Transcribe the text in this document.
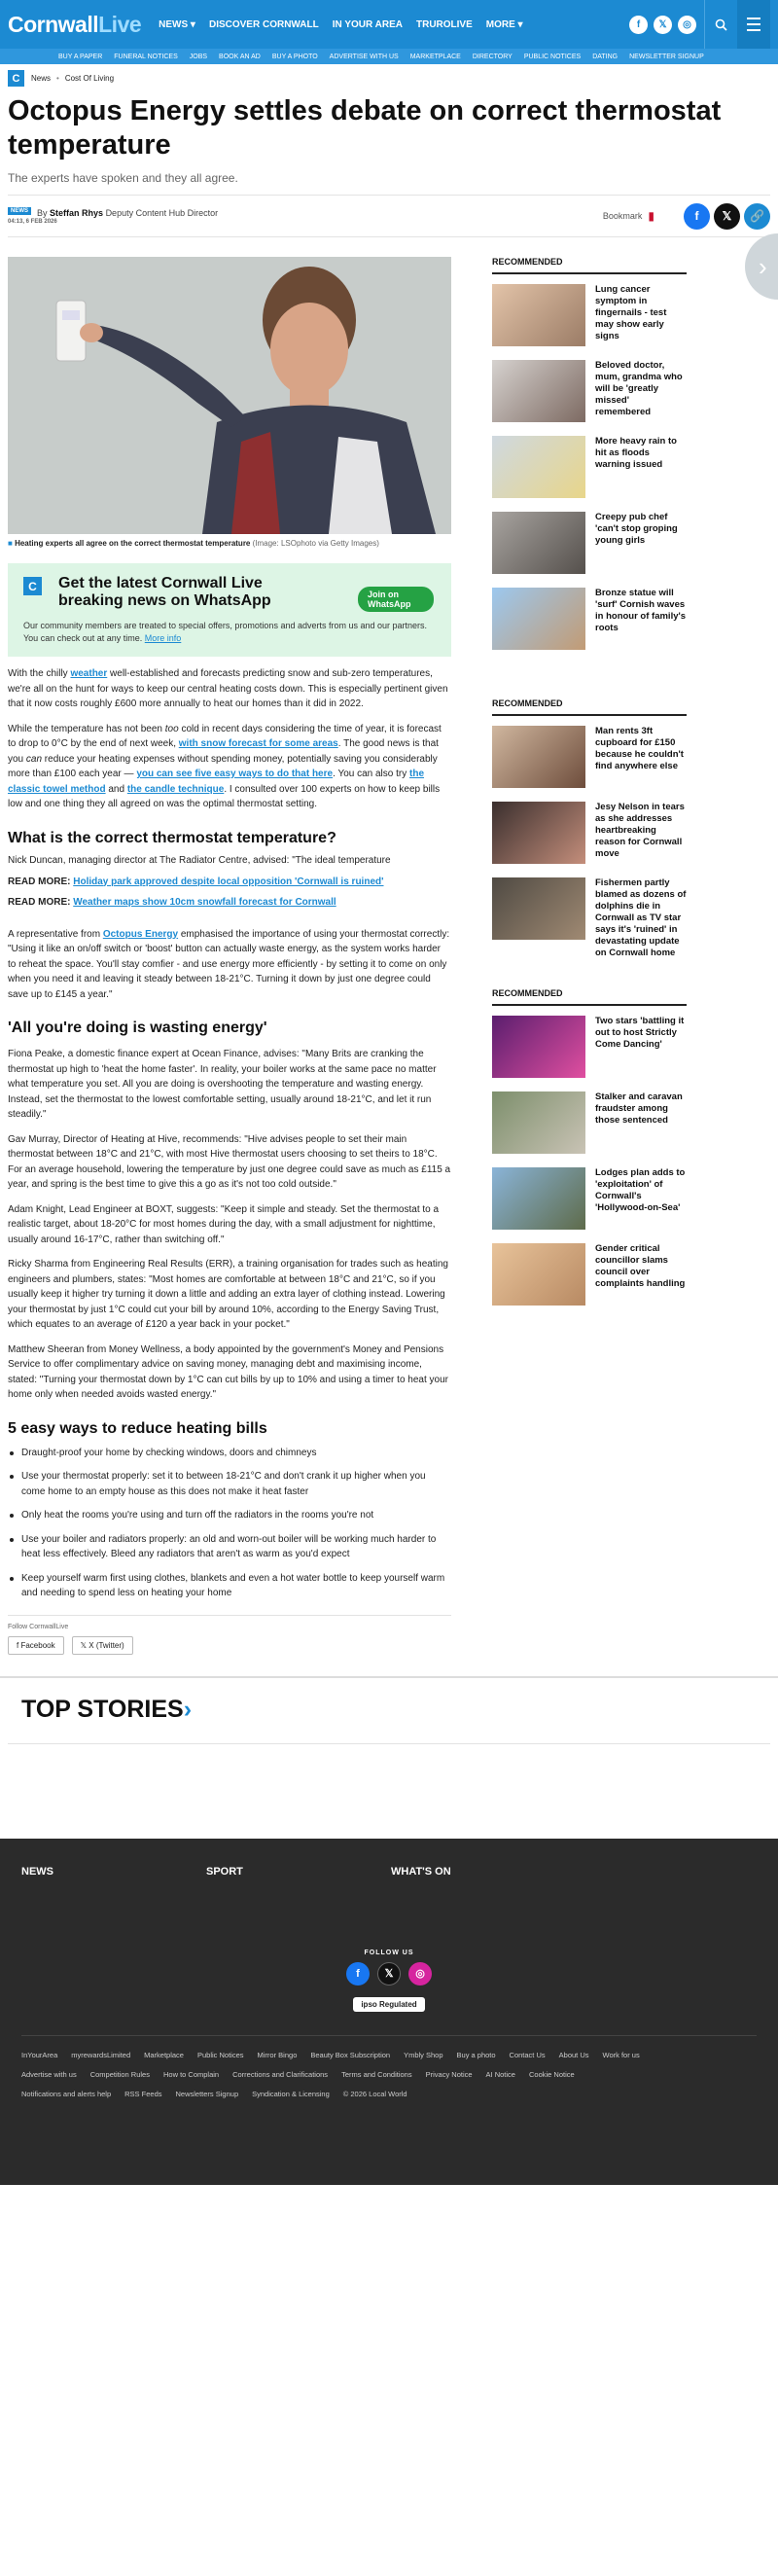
CornwallLive NEWS ▾ DISCOVER CORNWALL IN YOUR AREA TRUROLIVE MORE ▾	f	𝕏	◎
BUY A PAPER FUNERAL NOTICES JOBS BOOK AN AD BUY A PHOTO ADVERTISE WITH US MARKETPLACE DIRECTORY PUBLIC NOTICES DATING NEWSLETTER SIGNUP
C	News • Cost Of Living
Octopus Energy settles debate on correct thermostat temperature
The experts have spoken and they all agree.
NEWS	By Steffan Rhys Deputy Content Hub Director
04:13, 6 FEB 2026
Bookmark ▮	f	𝕏	🔗
■ Heating experts all agree on the correct thermostat temperature (Image: LSOphoto via Getty Images)
C	Get the latest Cornwall Live breaking news on WhatsApp	Join on WhatsApp

Our community members are treated to special offers, promotions and adverts from us and our partners. You can check out at any time. More info

With the chilly weather well-established and forecasts predicting snow and sub-zero temperatures, we're all on the hunt for ways to keep our central heating costs down. This is especially pertinent given that it now costs roughly £600 more annually to heat our homes than it did in 2022.

While the temperature has not been too cold in recent days considering the time of year, it is forecast to drop to 0°C by the end of next week, with snow forecast for some areas. The good news is that you can reduce your heating expenses without spending money, potentially saving you considerably more than £100 each year — you can see five easy ways to do that here. You can also try the classic towel method and the candle technique. I consulted over 100 experts on how to keep bills low and one thing they all agreed on was the optimal thermostat setting.

What is the correct thermostat temperature?
Nick Duncan, managing director at The Radiator Centre, advised: "The ideal temperature
READ MORE: Holiday park approved despite local opposition 'Cornwall is ruined'
READ MORE: Weather maps show 10cm snowfall forecast for Cornwall

A representative from Octopus Energy emphasised the importance of using your thermostat correctly: "Using it like an on/off switch or 'boost' button can actually waste energy, as the system works harder to reheat the space. You'll stay comfier - and use energy more efficiently - by setting it to come on only when you need it and leaving it steady between 18-21°C. Turning it down by just one degree could save up to £145 a year."

'All you're doing is wasting energy'

Fiona Peake, a domestic finance expert at Ocean Finance, advises: "Many Brits are cranking the thermostat up high to 'heat the home faster'. In reality, your boiler works at the same pace no matter what temperature you set. All you are doing is overshooting the temperature and wasting energy. Instead, set the thermostat to the lowest comfortable setting, usually around 18-21°C, and let it run steadily."

Gav Murray, Director of Heating at Hive, recommends: "Hive advises people to set their main thermostat between 18°C and 21°C, with most Hive thermostat users choosing to set theirs to 18°C. For an average household, lowering the temperature by just one degree could save as much as £115 a year, and spring is the best time to give this a go as it's not too cold outside."

Adam Knight, Lead Engineer at BOXT, suggests: "Keep it simple and steady. Set the thermostat to a realistic target, about 18-20°C for most homes during the day, with a small adjustment for nighttime, usually around 16-17°C, rather than switching off."

Ricky Sharma from Engineering Real Results (ERR), a training organisation for trades such as heating engineers and plumbers, states: "Most homes are comfortable at between 18°C and 21°C, so if you usually keep it higher try turning it down a little and adding an extra layer of clothing instead. Lowering your thermostat by just 1°C could cut your bill by around 10%, according to the Energy Saving Trust, which equates to an average of £120 a year back in your pocket."

Matthew Sheeran from Money Wellness, a body appointed by the government's Money and Pensions Service to offer complimentary advice on saving money, managing debt and maximising income, stated: "Turning your thermostat down by 1°C can cut bills by up to 10% and using a timer to heat your home only when needed avoids wasted energy."

5 easy ways to reduce heating bills
Draught-proof your home by checking windows, doors and chimneys
Use your thermostat properly: set it to between 18-21°C and don't crank it up higher when you come home to an empty house as this does not make it heat faster
Only heat the rooms you're using and turn off the radiators in the rooms you're not
Use your boiler and radiators properly: an old and worn-out boiler will be working much harder to heat less effectively. Bleed any radiators that aren't as warm as you'd expect
Keep yourself warm first using clothes, blankets and even a hot water bottle to keep yourself warm and needing to spend less on heating your home
Follow CornwallLive
f Facebook	𝕏 X (Twitter)
RECOMMENDED
Lung cancer symptom in fingernails - test may show early signs
Beloved doctor, mum, grandma who will be 'greatly missed' remembered
More heavy rain to hit as floods warning issued
Creepy pub chef 'can't stop groping young girls
Bronze statue will 'surf' Cornish waves in honour of family's roots
RECOMMENDED
Man rents 3ft cupboard for £150 because he couldn't find anywhere else
Jesy Nelson in tears as she addresses heartbreaking reason for Cornwall move
Fishermen partly blamed as dozens of dolphins die in Cornwall as TV star says it's 'ruined' in devastating update on Cornwall home
RECOMMENDED
Two stars 'battling it out to host Strictly Come Dancing'
Stalker and caravan fraudster among those sentenced
Lodges plan adds to 'exploitation' of Cornwall's 'Hollywood-on-Sea'
Gender critical councillor slams council over complaints handling
›
TOP STORIES›
NEWS	SPORT	WHAT'S ON
FOLLOW US
f	𝕏	◎
ipso Regulated
InYourArea myrewardsLimited Marketplace Public Notices Mirror Bingo Beauty Box Subscription Ymbly Shop Buy a photo Contact Us About Us Work for us
Advertise with us Competition Rules How to Complain Corrections and Clarifications Terms and Conditions Privacy Notice AI Notice Cookie Notice
Notifications and alerts help RSS Feeds Newsletters Signup Syndication & Licensing © 2026 Local World
